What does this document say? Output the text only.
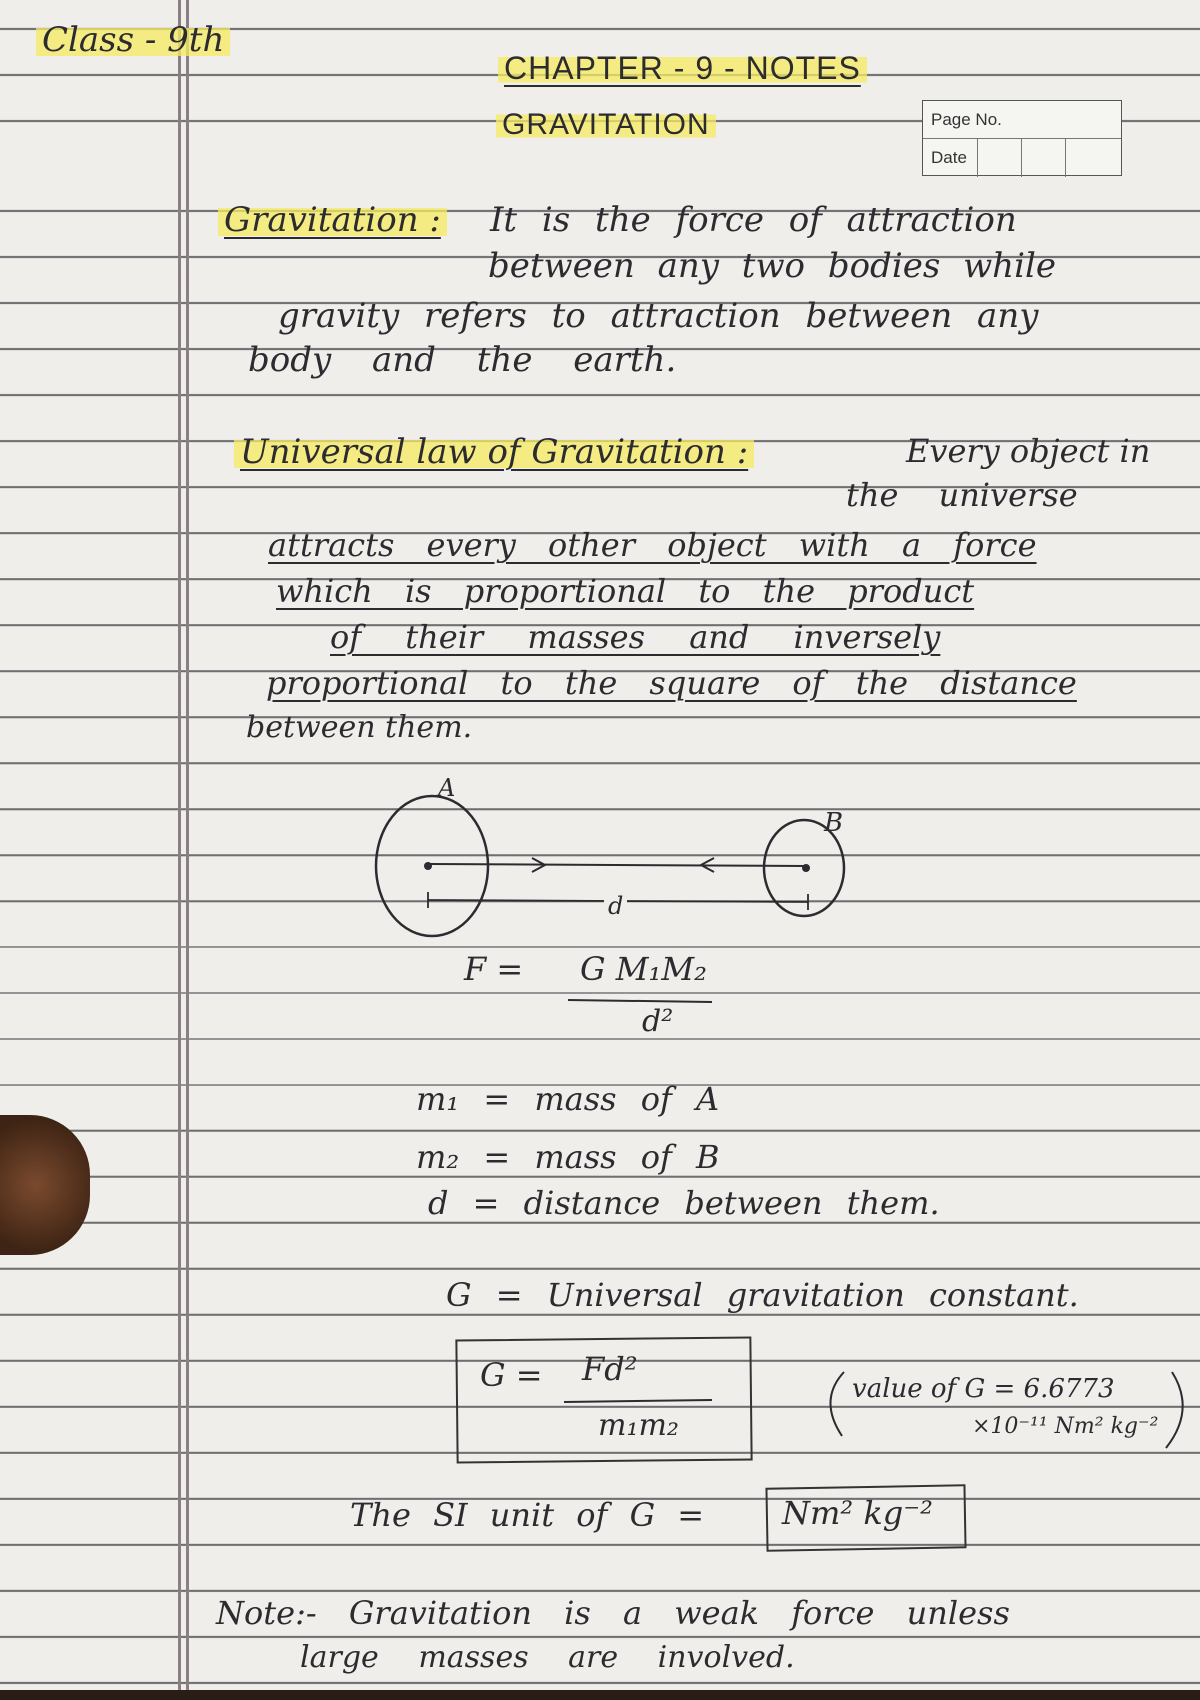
Class - 9th
CHAPTER - 9 - NOTES
GRAVITATION	Page No.
Date
Gravitation : It is the force of attraction
between any two bodies while
gravity refers to attraction between any
body and the earth.
Universal law of Gravitation :	Every object in
the universe
attracts every other object with a force
which is proportional to the product
of their masses and inversely
proportional to the square of the distance
between them.
A
B
d
F = G M₁M₂
d²
m₁ = mass of A
m₂ = mass of B
d = distance between them.
G = Universal gravitation constant.
G = Fd²
m₁m₂
value of G = 6.6773
×10⁻¹¹ Nm² kg⁻²
The SI unit of G = Nm² kg⁻²
Note:- Gravitation is a weak force unless
large masses are involved.
